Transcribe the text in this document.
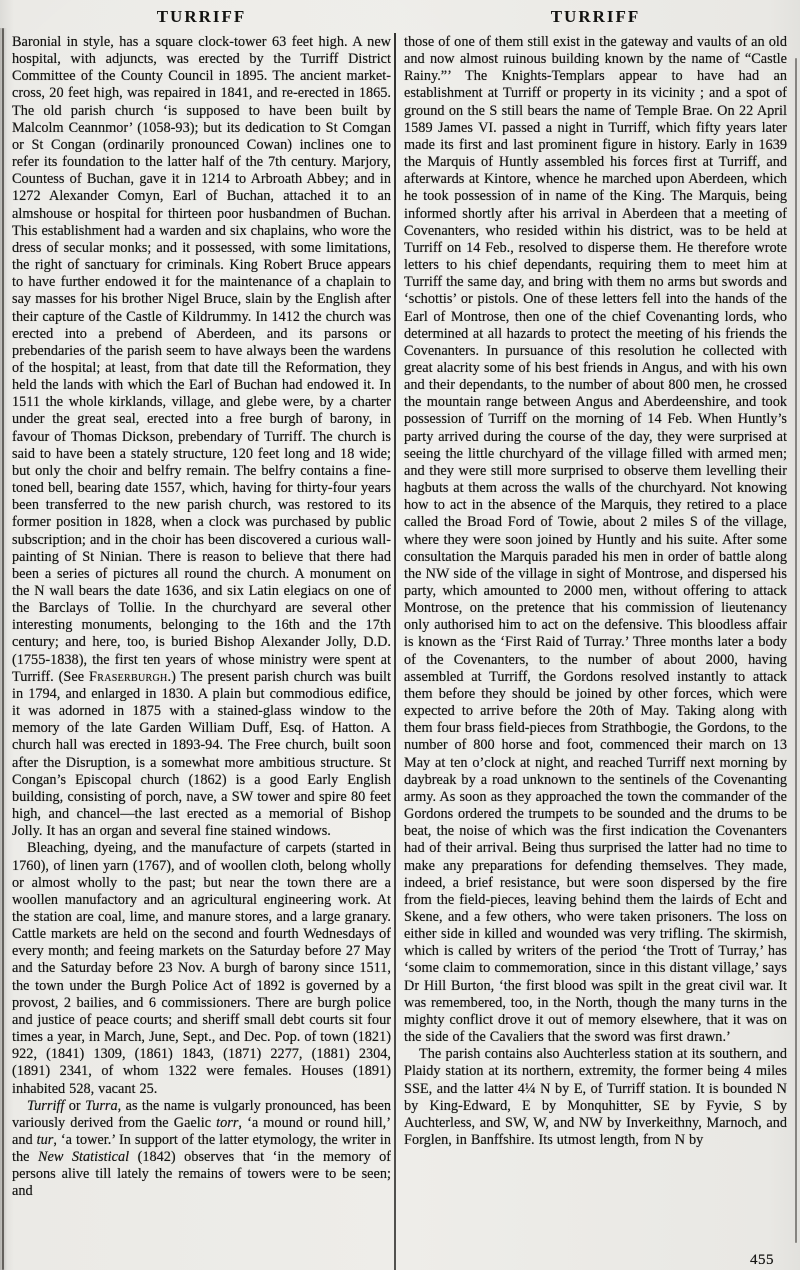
TURRIFF

Baronial in style, has a square clock-tower 63 feet high. A new hospital, with adjuncts, was erected by the Turriff District Committee of the County Council in 1895. The ancient market-cross, 20 feet high, was repaired in 1841, and re-erected in 1865. The old parish church ‘is supposed to have been built by Malcolm Ceannmor’ (1058-93); but its dedication to St Comgan or St Congan (ordinarily pronounced Cowan) inclines one to refer its foundation to the latter half of the 7th century. Marjory, Countess of Buchan, gave it in 1214 to Arbroath Abbey; and in 1272 Alexander Comyn, Earl of Buchan, attached it to an almshouse or hospital for thirteen poor husbandmen of Buchan. This establishment had a warden and six chaplains, who wore the dress of secular monks; and it possessed, with some limitations, the right of sanctuary for criminals. King Robert Bruce appears to have further endowed it for the maintenance of a chaplain to say masses for his brother Nigel Bruce, slain by the English after their capture of the Castle of Kildrummy. In 1412 the church was erected into a prebend of Aberdeen, and its parsons or prebendaries of the parish seem to have always been the wardens of the hospital; at least, from that date till the Reformation, they held the lands with which the Earl of Buchan had endowed it. In 1511 the whole kirklands, village, and glebe were, by a charter under the great seal, erected into a free burgh of barony, in favour of Thomas Dickson, prebendary of Turriff. The church is said to have been a stately structure, 120 feet long and 18 wide; but only the choir and belfry remain. The belfry contains a fine-toned bell, bearing date 1557, which, having for thirty-four years been transferred to the new parish church, was restored to its former position in 1828, when a clock was purchased by public subscription; and in the choir has been discovered a curious wall-painting of St Ninian. There is reason to believe that there had been a series of pictures all round the church. A monument on the N wall bears the date 1636, and six Latin elegiacs on one of the Barclays of Tollie. In the churchyard are several other interesting monuments, belonging to the 16th and the 17th century; and here, too, is buried Bishop Alexander Jolly, D.D. (1755-1838), the first ten years of whose ministry were spent at Turriff. (See Fraserburgh.) The present parish church was built in 1794, and enlarged in 1830. A plain but commodious edifice, it was adorned in 1875 with a stained-glass window to the memory of the late Garden William Duff, Esq. of Hatton. A church hall was erected in 1893-94. The Free church, built soon after the Disruption, is a somewhat more ambitious structure. St Congan’s Episcopal church (1862) is a good Early English building, consisting of porch, nave, a SW tower and spire 80 feet high, and chancel—the last erected as a memorial of Bishop Jolly. It has an organ and several fine stained windows.

Bleaching, dyeing, and the manufacture of carpets (started in 1760), of linen yarn (1767), and of woollen cloth, belong wholly or almost wholly to the past; but near the town there are a woollen manufactory and an agricultural engineering work. At the station are coal, lime, and manure stores, and a large granary. Cattle markets are held on the second and fourth Wednesdays of every month; and feeing markets on the Saturday before 27 May and the Saturday before 23 Nov. A burgh of barony since 1511, the town under the Burgh Police Act of 1892 is governed by a provost, 2 bailies, and 6 commissioners. There are burgh police and justice of peace courts; and sheriff small debt courts sit four times a year, in March, June, Sept., and Dec. Pop. of town (1821) 922, (1841) 1309, (1861) 1843, (1871) 2277, (1881) 2304, (1891) 2341, of whom 1322 were females. Houses (1891) inhabited 528, vacant 25.

Turriff or Turra, as the name is vulgarly pronounced, has been variously derived from the Gaelic torr, ‘a mound or round hill,’ and tur, ‘a tower.’ In support of the latter etymology, the writer in the New Statistical (1842) observes that ‘in the memory of persons alive till lately the remains of towers were to be seen; and

TURRIFF

those of one of them still exist in the gateway and vaults of an old and now almost ruinous building known by the name of “Castle Rainy.”’ The Knights-Templars appear to have had an establishment at Turriff or property in its vicinity ; and a spot of ground on the S still bears the name of Temple Brae. On 22 April 1589 James VI. passed a night in Turriff, which fifty years later made its first and last prominent figure in history. Early in 1639 the Marquis of Huntly assembled his forces first at Turriff, and afterwards at Kintore, whence he marched upon Aberdeen, which he took possession of in name of the King. The Marquis, being informed shortly after his arrival in Aberdeen that a meeting of Covenanters, who resided within his district, was to be held at Turriff on 14 Feb., resolved to disperse them. He therefore wrote letters to his chief dependants, requiring them to meet him at Turriff the same day, and bring with them no arms but swords and ‘schottis’ or pistols. One of these letters fell into the hands of the Earl of Montrose, then one of the chief Covenanting lords, who determined at all hazards to protect the meeting of his friends the Covenanters. In pursuance of this resolution he collected with great alacrity some of his best friends in Angus, and with his own and their dependants, to the number of about 800 men, he crossed the mountain range between Angus and Aberdeenshire, and took possession of Turriff on the morning of 14 Feb. When Huntly’s party arrived during the course of the day, they were surprised at seeing the little churchyard of the village filled with armed men; and they were still more surprised to observe them levelling their hagbuts at them across the walls of the churchyard. Not knowing how to act in the absence of the Marquis, they retired to a place called the Broad Ford of Towie, about 2 miles S of the village, where they were soon joined by Huntly and his suite. After some consultation the Marquis paraded his men in order of battle along the NW side of the village in sight of Montrose, and dispersed his party, which amounted to 2000 men, without offering to attack Montrose, on the pretence that his commission of lieutenancy only authorised him to act on the defensive. This bloodless affair is known as the ‘First Raid of Turray.’ Three months later a body of the Covenanters, to the number of about 2000, having assembled at Turriff, the Gordons resolved instantly to attack them before they should be joined by other forces, which were expected to arrive before the 20th of May. Taking along with them four brass field-pieces from Strathbogie, the Gordons, to the number of 800 horse and foot, commenced their march on 13 May at ten o’clock at night, and reached Turriff next morning by daybreak by a road unknown to the sentinels of the Covenanting army. As soon as they approached the town the commander of the Gordons ordered the trumpets to be sounded and the drums to be beat, the noise of which was the first indication the Covenanters had of their arrival. Being thus surprised the latter had no time to make any preparations for defending themselves. They made, indeed, a brief resistance, but were soon dispersed by the fire from the field-pieces, leaving behind them the lairds of Echt and Skene, and a few others, who were taken prisoners. The loss on either side in killed and wounded was very trifling. The skirmish, which is called by writers of the period ‘the Trott of Turray,’ has ‘some claim to commemoration, since in this distant village,’ says Dr Hill Burton, ‘the first blood was spilt in the great civil war. It was remembered, too, in the North, though the many turns in the mighty conflict drove it out of memory elsewhere, that it was on the side of the Cavaliers that the sword was first drawn.’

The parish contains also Auchterless station at its southern, and Plaidy station at its northern, extremity, the former being 4 miles SSE, and the latter 4¼ N by E, of Turriff station. It is bounded N by King-Edward, E by Monquhitter, SE by Fyvie, S by Auchterless, and SW, W, and NW by Inverkeithny, Marnoch, and Forglen, in Banffshire. Its utmost length, from N by

455
